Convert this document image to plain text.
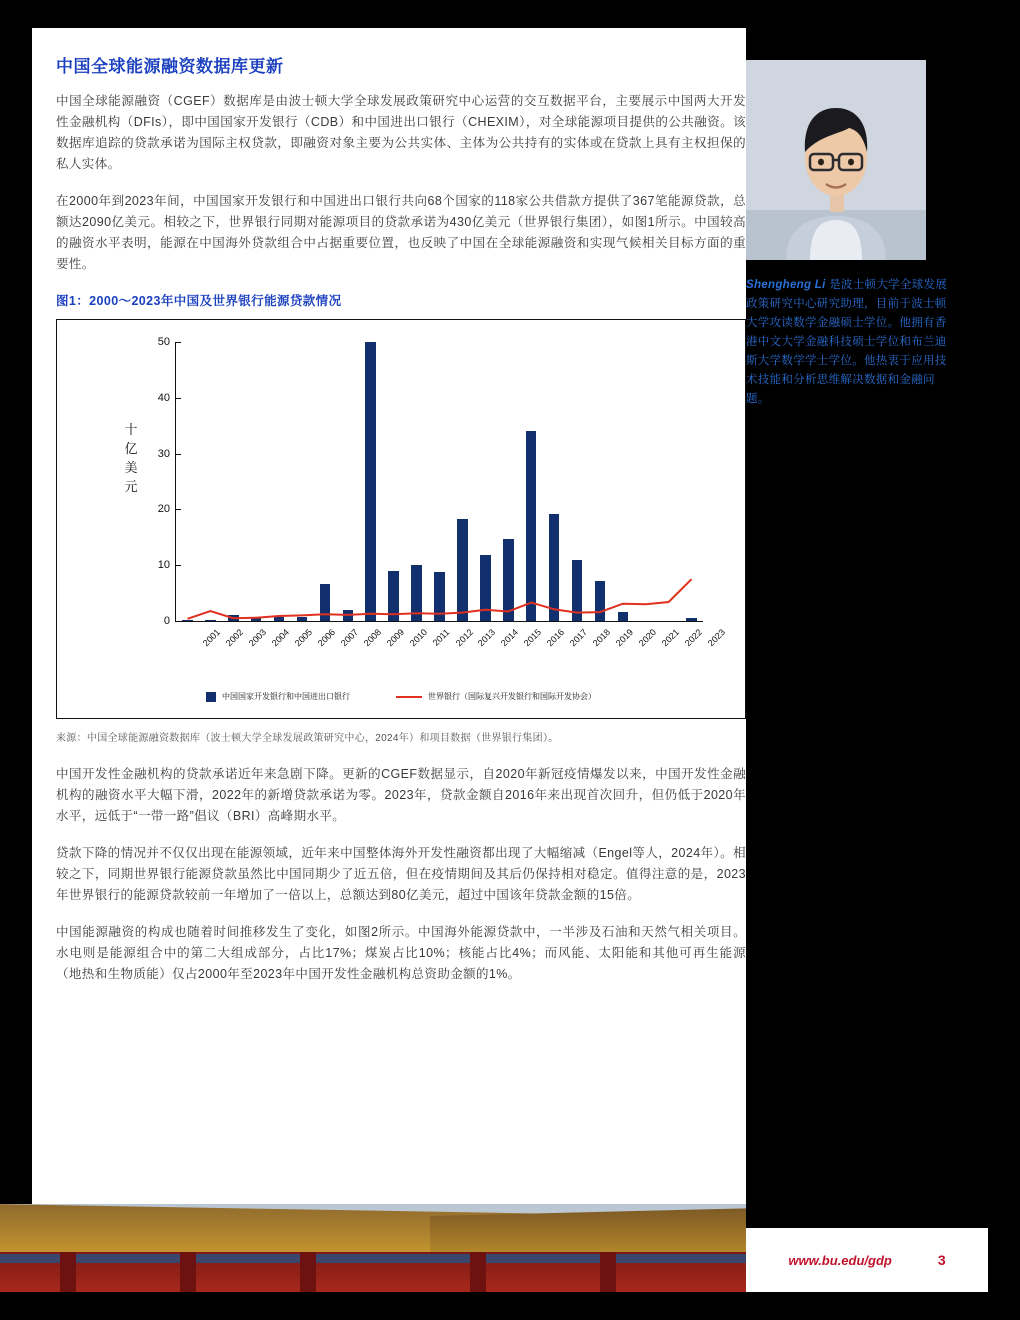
中国全球能源融资数据库更新

中国全球能源融资（CGEF）数据库是由波士顿大学全球发展政策研究中心运营的交互数据平台，主要展示中国两大开发性金融机构（DFIs），即中国国家开发银行（CDB）和中国进出口银行（CHEXIM），对全球能源项目提供的公共融资。该数据库追踪的贷款承诺为国际主权贷款，即融资对象主要为公共实体、主体为公共持有的实体或在贷款上具有主权担保的私人实体。

在2000年到2023年间，中国国家开发银行和中国进出口银行共向68个国家的118家公共借款方提供了367笔能源贷款，总额达2090亿美元。相较之下，世界银行同期对能源项目的贷款承诺为430亿美元（世界银行集团），如图1所示。中国较高的融资水平表明，能源在中国海外贷款组合中占据重要位置，也反映了中国在全球能源融资和实现气候相关目标方面的重要性。

图1：2000～2023年中国及世界银行能源贷款情况
十亿美元
0
10
20
30
40
50
2001 2002 2003 2004 2005 2006 2007 2008 2009 2010 2011 2012 2013 2014 2015 2016 2017 2018 2019 2020 2021 2022 2023
中国国家开发银行和中国进出口银行	世界银行（国际复兴开发银行和国际开发协会）
来源：中国全球能源融资数据库（波士顿大学全球发展政策研究中心，2024年）和项目数据（世界银行集团）。

中国开发性金融机构的贷款承诺近年来急剧下降。更新的CGEF数据显示，自2020年新冠疫情爆发以来，中国开发性金融机构的融资水平大幅下滑，2022年的新增贷款承诺为零。2023年，贷款金额自2016年来出现首次回升，但仍低于2020年水平，远低于“一带一路”倡议（BRI）高峰期水平。

贷款下降的情况并不仅仅出现在能源领域，近年来中国整体海外开发性融资都出现了大幅缩减（Engel等人，2024年）。相较之下，同期世界银行能源贷款虽然比中国同期少了近五倍，但在疫情期间及其后仍保持相对稳定。值得注意的是，2023年世界银行的能源贷款较前一年增加了一倍以上，总额达到80亿美元，超过中国该年贷款金额的15倍。

中国能源融资的构成也随着时间推移发生了变化，如图2所示。中国海外能源贷款中，一半涉及石油和天然气相关项目。水电则是能源组合中的第二大组成部分，占比17%；煤炭占比10%；核能占比4%；而风能、太阳能和其他可再生能源（地热和生物质能）仅占2000年至2023年中国开发性金融机构总资助金额的1%。

Shengheng Li 是波士顿大学全球发展政策研究中心研究助理，目前于波士顿大学攻读数学金融硕士学位。他拥有香港中文大学金融科技硕士学位和布兰迪斯大学数学学士学位。他热衷于应用技术技能和分析思维解决数据和金融问题。
www.bu.edu/gdp	3
